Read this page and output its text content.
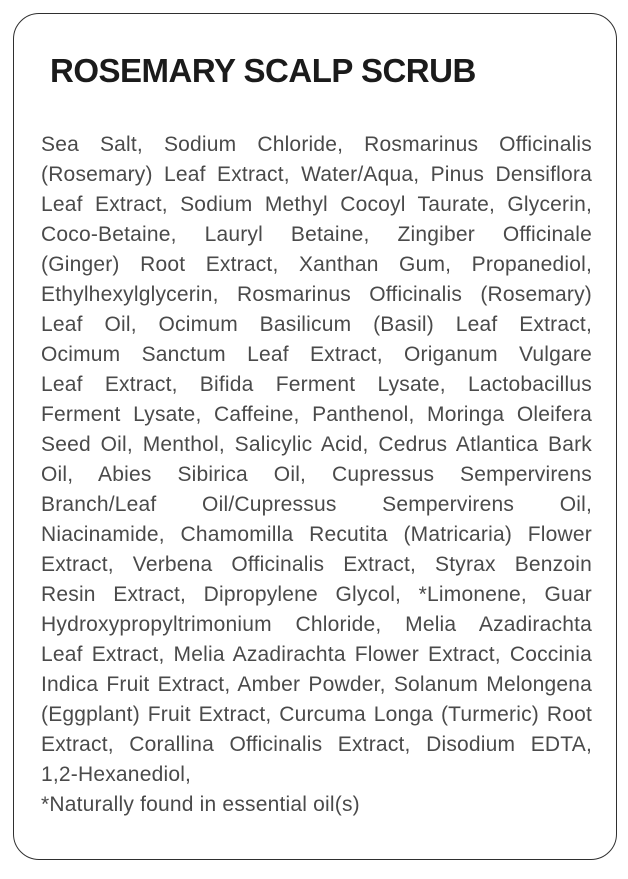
ROSEMARY SCALP SCRUB
Sea Salt, Sodium Chloride, Rosmarinus Officinalis
(Rosemary) Leaf Extract, Water/Aqua, Pinus Densiflora
Leaf Extract, Sodium Methyl Cocoyl Taurate, Glycerin,
Coco-Betaine, Lauryl Betaine, Zingiber Officinale
(Ginger) Root Extract, Xanthan Gum, Propanediol,
Ethylhexylglycerin, Rosmarinus Officinalis (Rosemary)
Leaf Oil, Ocimum Basilicum (Basil) Leaf Extract,
Ocimum Sanctum Leaf Extract, Origanum Vulgare
Leaf Extract, Bifida Ferment Lysate, Lactobacillus
Ferment Lysate, Caffeine, Panthenol, Moringa Oleifera
Seed Oil, Menthol, Salicylic Acid, Cedrus Atlantica Bark
Oil, Abies Sibirica Oil, Cupressus Sempervirens
Branch/Leaf Oil/Cupressus Sempervirens Oil,
Niacinamide, Chamomilla Recutita (Matricaria) Flower
Extract, Verbena Officinalis Extract, Styrax Benzoin
Resin Extract, Dipropylene Glycol, *Limonene, Guar
Hydroxypropyltrimonium Chloride, Melia Azadirachta
Leaf Extract, Melia Azadirachta Flower Extract, Coccinia
Indica Fruit Extract, Amber Powder, Solanum Melongena
(Eggplant) Fruit Extract, Curcuma Longa (Turmeric) Root
Extract, Corallina Officinalis Extract, Disodium EDTA,
1,2-Hexanediol,
*Naturally found in essential oil(s)
